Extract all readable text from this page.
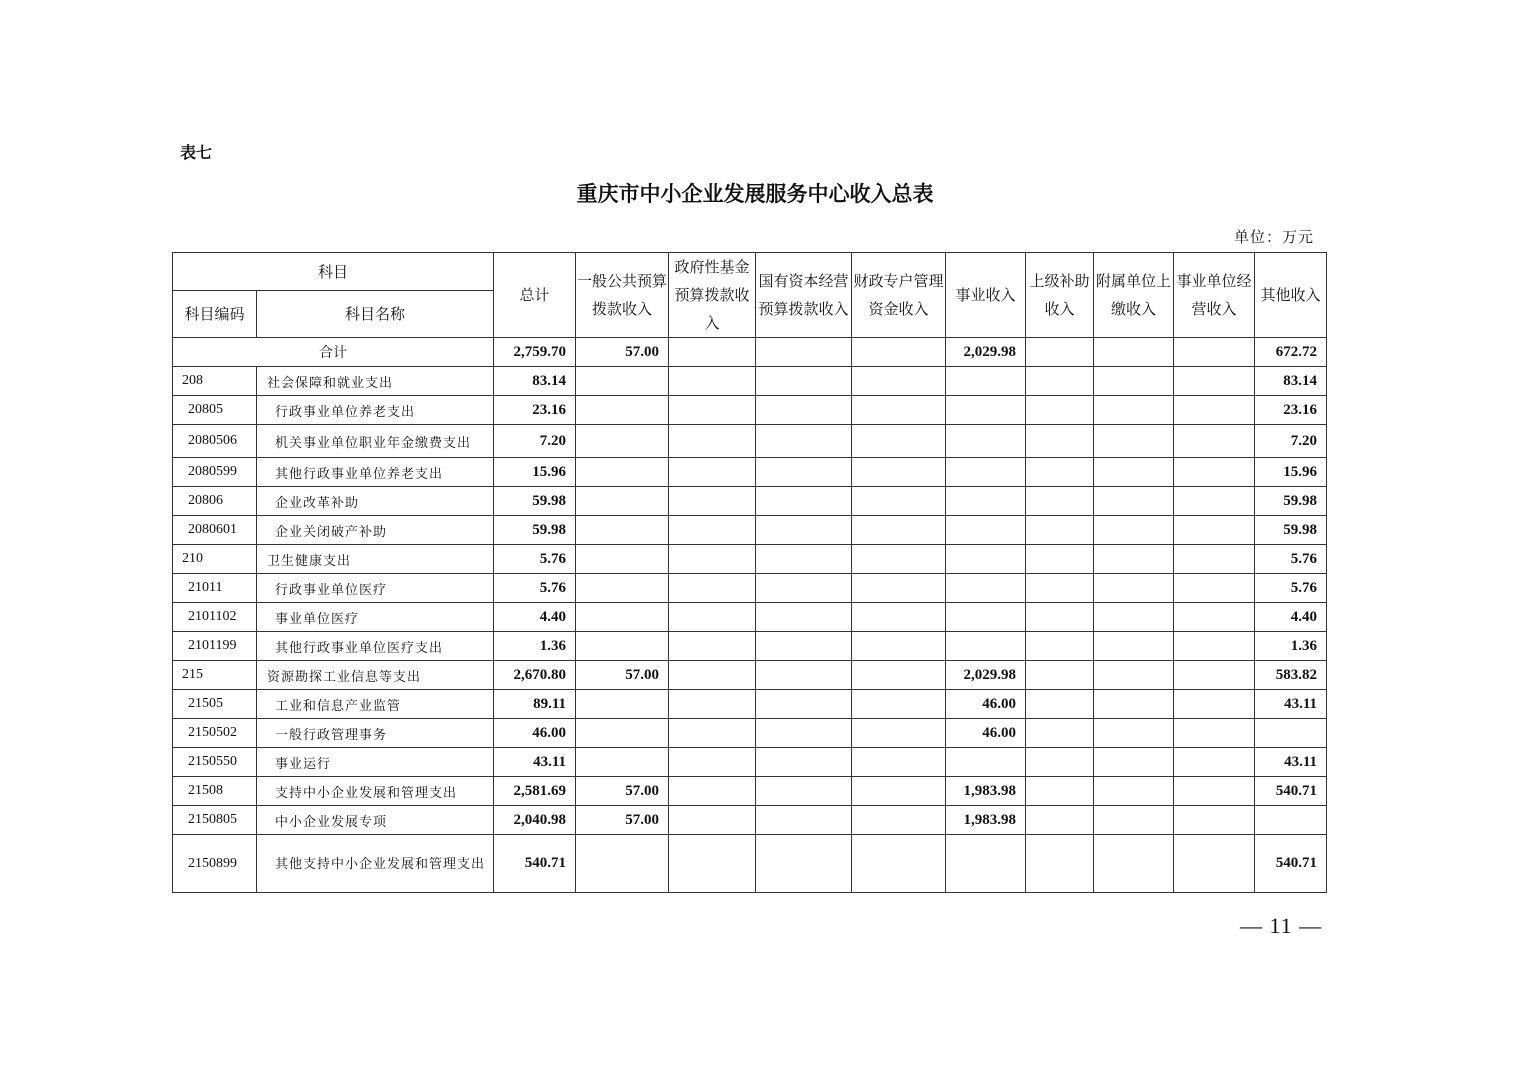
表七
重庆市中小企业发展服务中心收入总表
单位：万元
科目		总计	一般公共预算拨款收入	政府性基金预算拨款收入	国有资本经营预算拨款收入	财政专户管理资金收入	事业收入	上级补助收入	附属单位上缴收入	事业单位经营收入	其他收入
科目编码	科目名称										
合计		2,759.70	57.00				2,029.98				672.72
208	社会保障和就业支出	83.14									83.14
20805	行政事业单位养老支出	23.16									23.16
2080506	机关事业单位职业年金缴费支出	7.20									7.20
2080599	其他行政事业单位养老支出	15.96									15.96
20806	企业改革补助	59.98									59.98
2080601	企业关闭破产补助	59.98									59.98
210	卫生健康支出	5.76									5.76
21011	行政事业单位医疗	5.76									5.76
2101102	事业单位医疗	4.40									4.40
2101199	其他行政事业单位医疗支出	1.36									1.36
215	资源勘探工业信息等支出	2,670.80	57.00				2,029.98				583.82
21505	工业和信息产业监管	89.11					46.00				43.11
2150502	一般行政管理事务	46.00					46.00				
2150550	事业运行	43.11									43.11
21508	支持中小企业发展和管理支出	2,581.69	57.00				1,983.98				540.71
2150805	中小企业发展专项	2,040.98	57.00				1,983.98				
2150899	其他支持中小企业发展和管理支出	540.71									540.71
— 11 —
